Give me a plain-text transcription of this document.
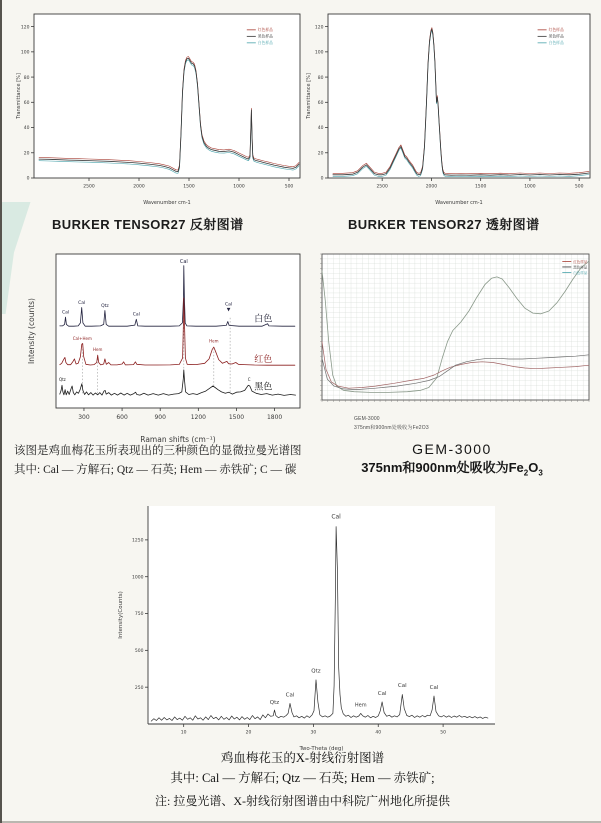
2500	2000	1500	1000	500
0
20
40
60
80
100
120
Wavenumber cm-1
Transmittance [%]
红色样品
黑色样品
白色样品
2500	2000	1500	1000	500
0
20
40
60
80
100
120
Wavenumber cm-1
Transmittance [%]
红色样品
黑色样品
白色样品
BURKER TENSOR27 反射图谱	BURKER TENSOR27 透射图谱
300	600	900	1200	1500	1800
Raman shifts (cm⁻¹)
Intensity (counts)	Cal
Cal
Qtz
Cal
Cal
Cal
Cal+Hem
Hem
Hem
Qtz	C
白色
红色
黑色
红色样品
黑色样品
白色样品
GEM-3000
375nm和900nm处吸收为Fe2O3
该图是鸡血梅花玉所表现出的三种颜色的显微拉曼光谱图
其中: Cal — 方解石; Qtz — 石英; Hem — 赤铁矿; C — 碳
GEM-3000
375nm和900nm处吸收为$Fe_2O_3$
10	20	30	40	50
250
500
750
1000
1250
Two-Theta (deg)
Intensity(Counts)
Qtz
Cal
Qtz
Cal
Hem
Cal
Cal	Cal
鸡血梅花玉的X-射线衍射图谱
其中: Cal — 方解石; Qtz — 石英; Hem — 赤铁矿;
注: 拉曼光谱、X-射线衍射图谱由中科院广州地化所提供
